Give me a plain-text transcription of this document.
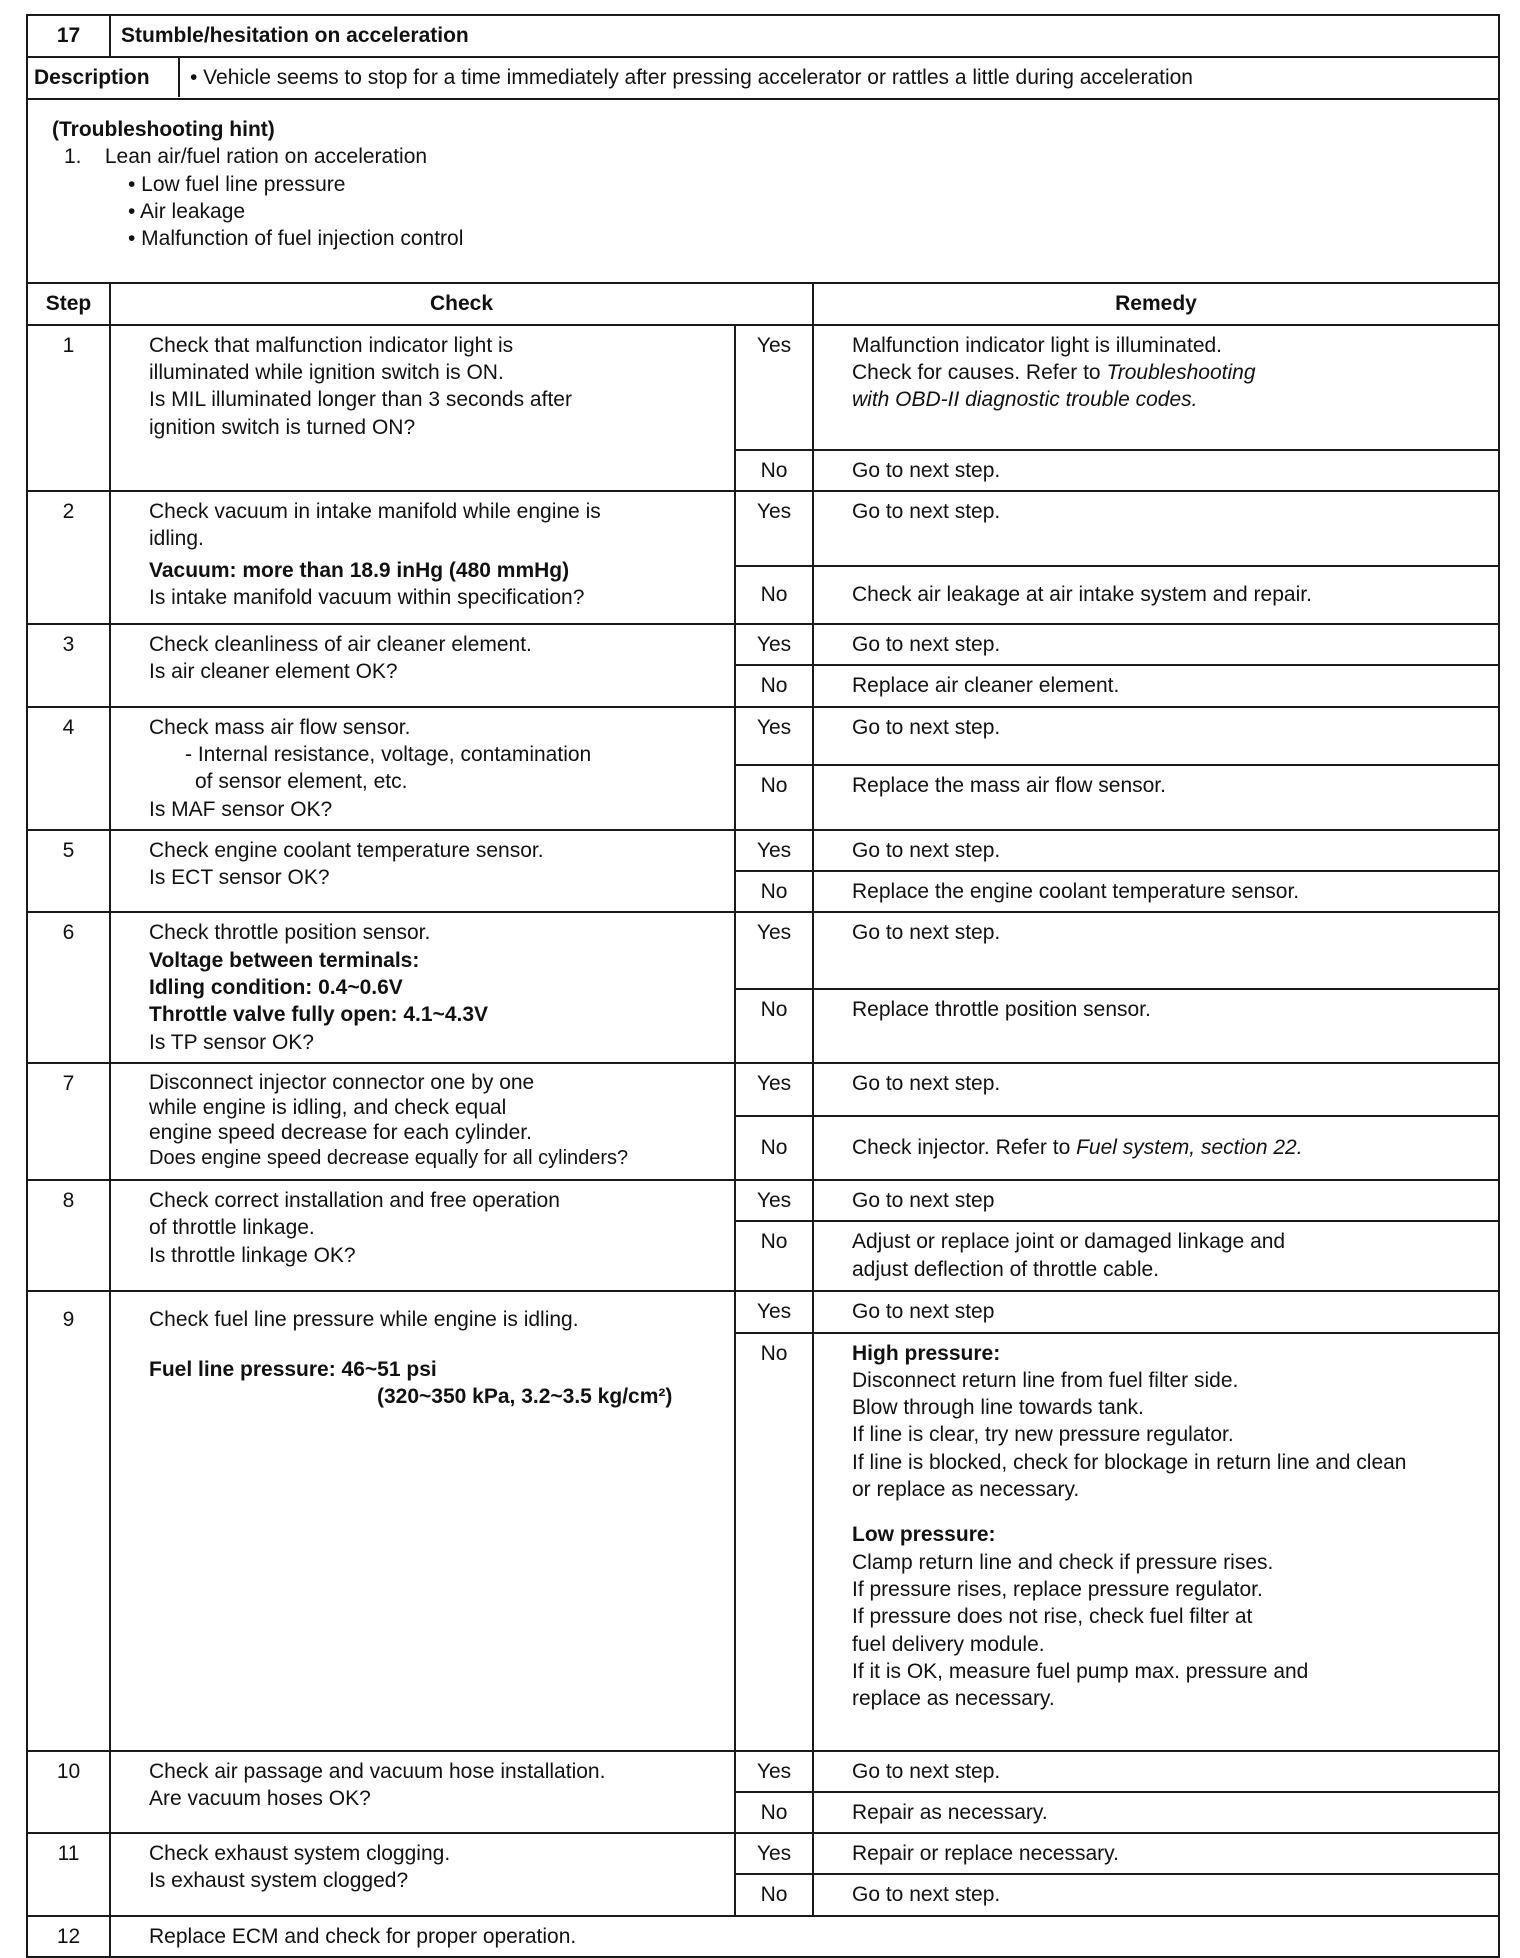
17	Stumble/hesitation on acceleration

Description	• Vehicle seems to stop for a time immediately after pressing accelerator or rattles a little during acceleration

(Troubleshooting hint)
1. Lean air/fuel ration on acceleration
• Low fuel line pressure
• Air leakage
• Malfunction of fuel injection control

Step	Check	Remedy
1	Check that malfunction indicator light is
illuminated while ignition switch is ON.
Is MIL illuminated longer than 3 seconds after
ignition switch is turned ON?
	Yes	Malfunction indicator light is illuminated.
Check for causes. Refer to Troubleshooting
with OBD-II diagnostic trouble codes.

No	Go to next step.
2	Check vacuum in intake manifold while engine is
idling.
Vacuum: more than 18.9 inHg (480 mmHg)
Is intake manifold vacuum within specification?
	Yes	Go to next step.
No	Check air leakage at air intake system and repair.
3	Check cleanliness of air cleaner element.
Is air cleaner element OK?
	Yes	Go to next step.
No	Replace air cleaner element.
4	Check mass air flow sensor.
- Internal resistance, voltage, contamination
of sensor element, etc.
Is MAF sensor OK?
	Yes	Go to next step.
No	Replace the mass air flow sensor.
5	Check engine coolant temperature sensor.
Is ECT sensor OK?
	Yes	Go to next step.
No	Replace the engine coolant temperature sensor.
6	Check throttle position sensor.
Voltage between terminals:
Idling condition: 0.4~0.6V
Throttle valve fully open: 4.1~4.3V
Is TP sensor OK?
	Yes	Go to next step.
No	Replace throttle position sensor.
7	Disconnect injector connector one by one
while engine is idling, and check equal
engine speed decrease for each cylinder.
Does engine speed decrease equally for all cylinders?
	Yes	Go to next step.
No	Check injector. Refer to Fuel system, section 22.
8	Check correct installation and free operation
of throttle linkage.
Is throttle linkage OK?
	Yes	Go to next step
No	Adjust or replace joint or damaged linkage and
adjust deflection of throttle cable.

9	Check fuel line pressure while engine is idling.
Fuel line pressure: 46~51 psi
(320~350 kPa, 3.2~3.5 kg/cm²)
	Yes	Go to next step
No	High pressure:
Disconnect return line from fuel filter side.
Blow through line towards tank.
If line is clear, try new pressure regulator.
If line is blocked, check for blockage in return line and clean
or replace as necessary.
Low pressure:
Clamp return line and check if pressure rises.
If pressure rises, replace pressure regulator.
If pressure does not rise, check fuel filter at
fuel delivery module.
If it is OK, measure fuel pump max. pressure and
replace as necessary.

10	Check air passage and vacuum hose installation.
Are vacuum hoses OK?
	Yes	Go to next step.
No	Repair as necessary.
11	Check exhaust system clogging.
Is exhaust system clogged?
	Yes	Repair or replace necessary.
No	Go to next step.
12	Replace ECM and check for proper operation.
